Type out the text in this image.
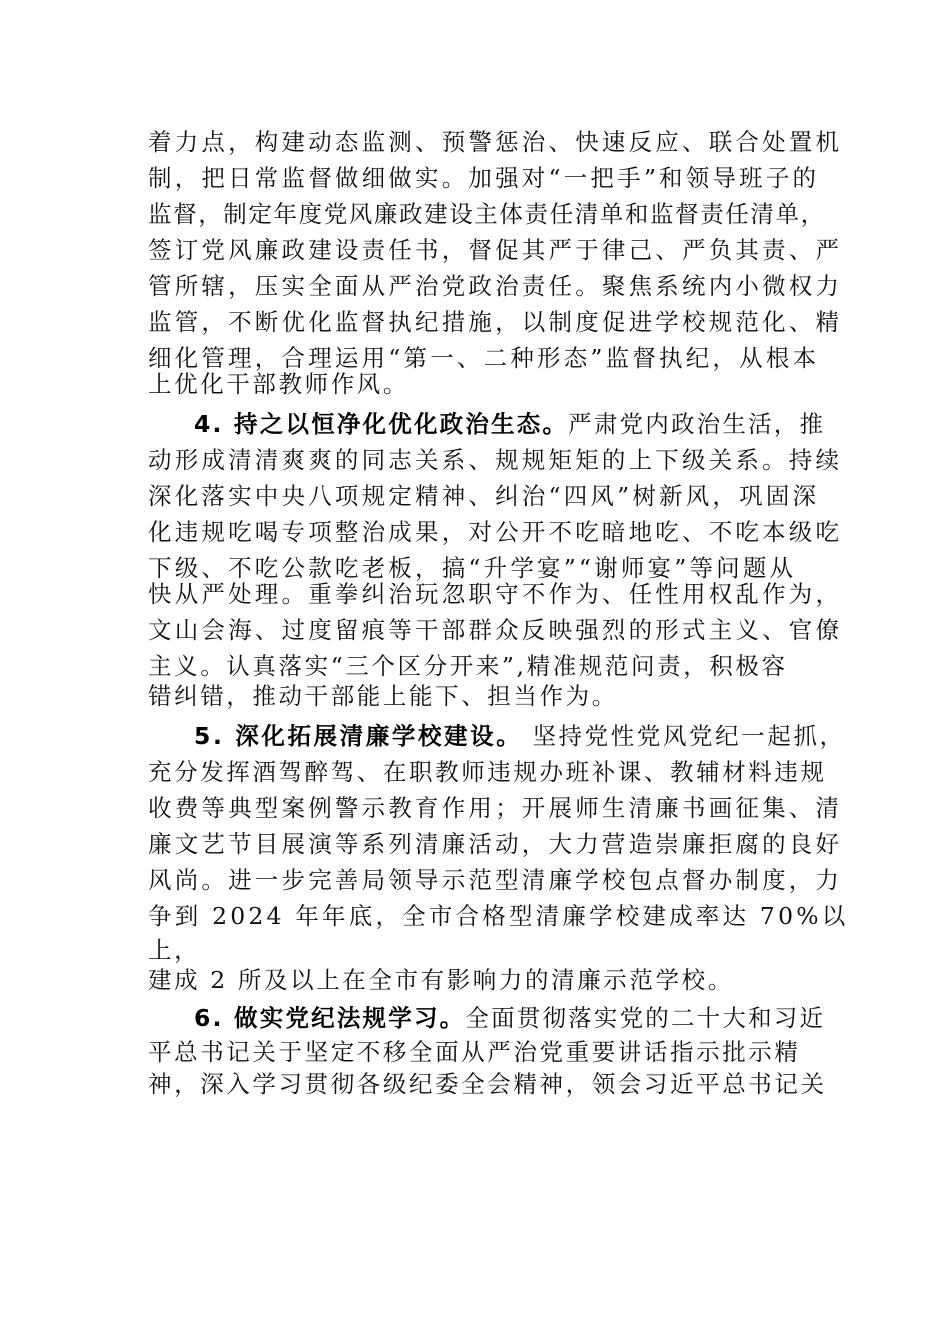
着力点，构建动态监测、预警惩治、快速反应、联合处置机
制，把日常监督做细做实。加强对“一把手”和领导班子的
监督，制定年度党风廉政建设主体责任清单和监督责任清单，
签订党风廉政建设责任书，督促其严于律己、严负其责、严
管所辖，压实全面从严治党政治责任。聚焦系统内小微权力
监管，不断优化监督执纪措施，以制度促进学校规范化、精
细化管理，合理运用“第一、二种形态”监督执纪，从根本
上优化干部教师作风。
4. 持之以恒净化优化政治生态。严肃党内政治生活，推
动形成清清爽爽的同志关系、规规矩矩的上下级关系。持续
深化落实中央八项规定精神、纠治“四风”树新风，巩固深
化违规吃喝专项整治成果，对公开不吃暗地吃、不吃本级吃
下级、不吃公款吃老板，搞“升学宴”“谢师宴”等问题从
快从严处理。重拳纠治玩忽职守不作为、任性用权乱作为，
文山会海、过度留痕等干部群众反映强烈的形式主义、官僚
主义。认真落实“三个区分开来”,精准规范问责，积极容
错纠错，推动干部能上能下、担当作为。
5. 深化拓展清廉学校建设。 坚持党性党风党纪一起抓，
充分发挥酒驾醉驾、在职教师违规办班补课、教辅材料违规
收费等典型案例警示教育作用；开展师生清廉书画征集、清
廉文艺节目展演等系列清廉活动，大力营造崇廉拒腐的良好
风尚。进一步完善局领导示范型清廉学校包点督办制度，力
争到 2024 年年底，全市合格型清廉学校建成率达 70%以
上，
建成 2 所及以上在全市有影响力的清廉示范学校。
6. 做实党纪法规学习。全面贯彻落实党的二十大和习近
平总书记关于坚定不移全面从严治党重要讲话指示批示精
神，深入学习贯彻各级纪委全会精神，领会习近平总书记关
